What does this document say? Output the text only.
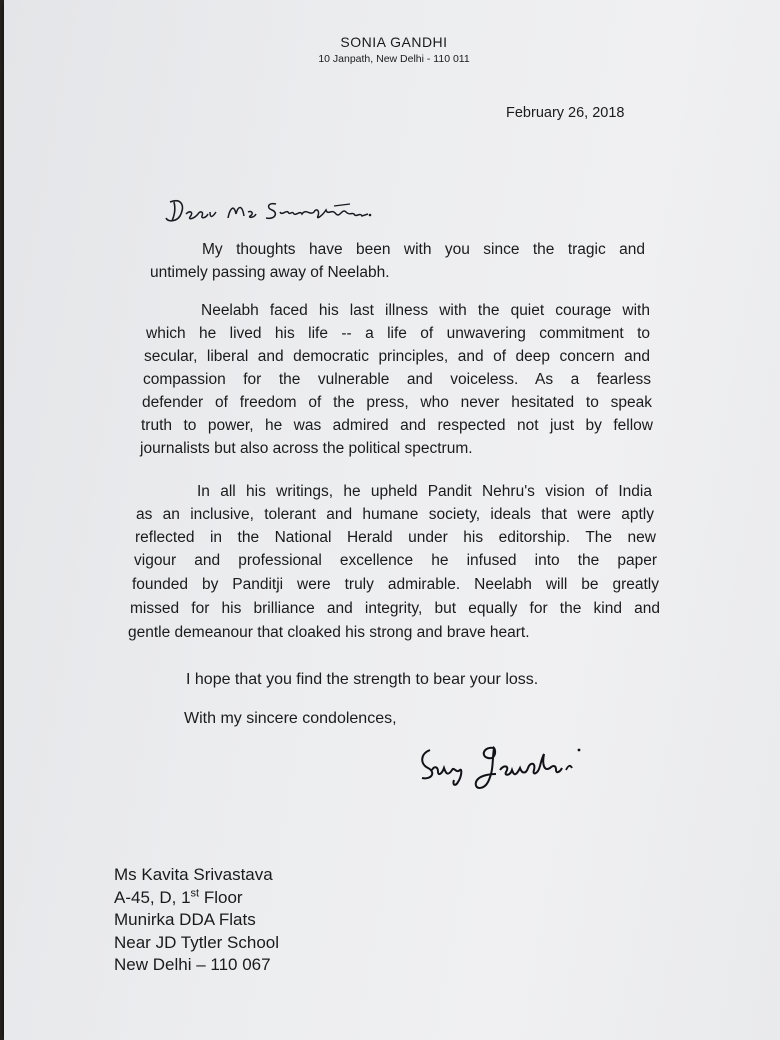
SONIA GANDHI
10 Janpath, New Delhi - 110 011
February 26, 2018
My thoughts have been with you since the tragic and
untimely passing away of Neelabh.
Neelabh faced his last illness with the quiet courage with
which he lived his life -- a life of unwavering commitment to
secular, liberal and democratic principles, and of deep concern and
compassion for the vulnerable and voiceless. As a fearless
defender of freedom of the press, who never hesitated to speak
truth to power, he was admired and respected not just by fellow
journalists but also across the political spectrum.
In all his writings, he upheld Pandit Nehru's vision of India
as an inclusive, tolerant and humane society, ideals that were aptly
reflected in the National Herald under his editorship. The new
vigour and professional excellence he infused into the paper
founded by Panditji were truly admirable. Neelabh will be greatly
missed for his brilliance and integrity, but equally for the kind and
gentle demeanour that cloaked his strong and brave heart.
I hope that you find the strength to bear your loss.
With my sincere condolences,
Ms Kavita Srivastava
A-45, D, 1st Floor
Munirka DDA Flats
Near JD Tytler School
New Delhi – 110 067
